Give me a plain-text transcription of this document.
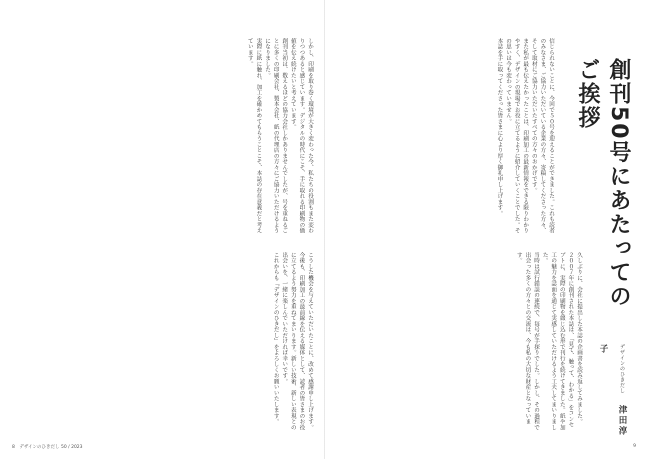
しかし、印刷を取り巻く環境が大きく変わった今、私たちの役割もまた変わりつつあると感じています。デジタルの時代にこそ、手に取れる印刷物の価値を伝え続けたいと考えています。

創刊当初は、数えるほどの協力会社しかありませんでしたが、号を重ねるごとに多くの印刷会社、製本会社、紙の代理店の方々にご協力いただけるようになりました。

実際に紙に触れ、加工を確かめてもらうことこそ、本誌の存在意義だと考えています。

こうした機会を与えていただいたことに、改めて感謝申し上げます。

今後も、印刷加工の最前線を伝える媒体として、読者の皆さまのお役に立てるよう努力を重ねてまいります。新しい技術、新しい表現との出会いを、一緒に楽しんでいただければ幸いです。

これからも『デザインのひきだし』をよろしくお願いいたします。

8　デザインのひきだし 50 / 2023	9

信じられないことに、今回で５０号を迎えることができました。これも読者のみなさま、ご協力いただいている企業の方々、寄稿してくださった方々、そして取材にご協力いただいたすべての方々のおかげです。

また私が最も伝えたかったことは、印刷加工の最新情報をできる限りわかりやすく、デザインの現場でお役に立てるように紹介していくことでした。その思いは今も変わっていません。

本誌を手に取ってくださった皆さまに心より厚く御礼申し上げます。

久しぶりに、会社に提出した本誌の企画書を読み返してみました。

２００７年に創刊された本誌は、「見て、触って、わかる」をコンセプトに、実際の印刷物を綴じ込む形で刊行を続けてきました。紙や加工の魅力を誌面を通じて実感していただけるよう工夫してまいりました。

当時は試行錯誤の連続で、毎号が手探りでした。しかし、その過程で出会った多くの方々との交流は、今も私の大切な財産となっています。	創刊50号にあたってのご挨拶
デザインのひきだし 津田淳子
